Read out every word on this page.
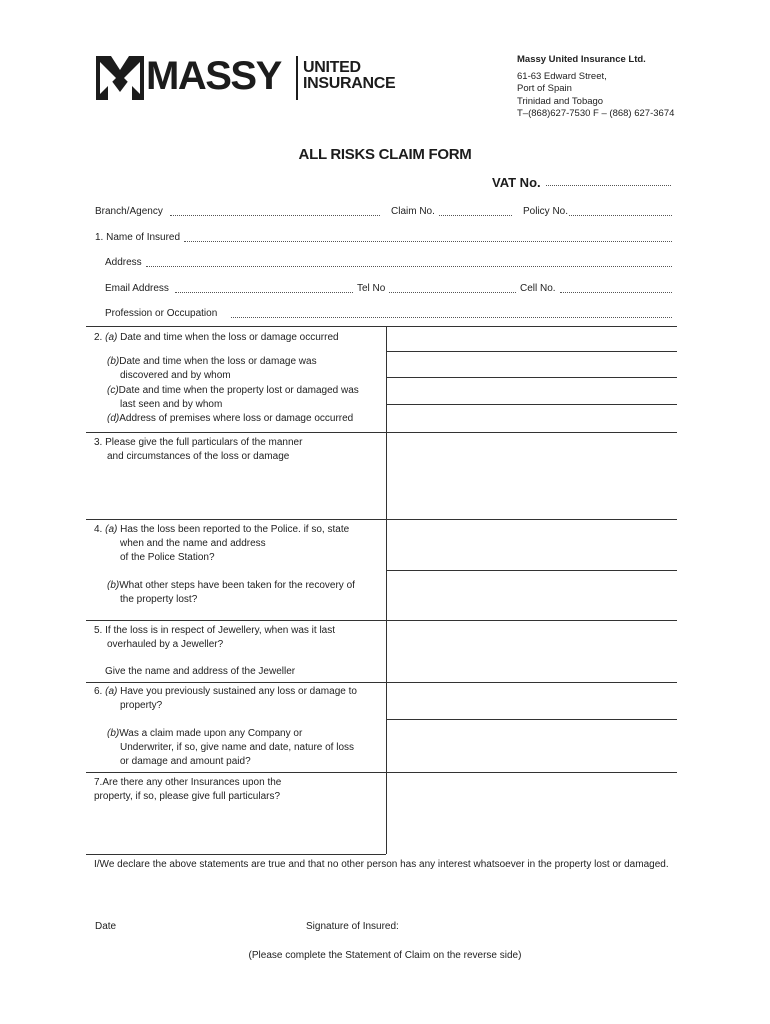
MASSY UNITED
INSURANCE
Massy United Insurance Ltd.
61-63 Edward Street,
Port of Spain
Trinidad and Tobago
T–(868)627-7530 F – (868) 627-3674
ALL RISKS CLAIM FORM
VAT No.
Branch/Agency	Claim No.	Policy No.
1. Name of Insured
Address
Email Address	Tel No	Cell No.
Profession or Occupation
2. (a) Date and time when the loss or damage occurred
(b)Date and time when the loss or damage was
discovered and by whom
(c)Date and time when the property lost or damaged was
last seen and by whom
(d)Address of premises where loss or damage occurred
3. Please give the full particulars of the manner
and circumstances of the loss or damage
4. (a) Has the loss been reported to the Police. if so, state
when and the name and address
of the Police Station?
(b)What other steps have been taken for the recovery of
the property lost?
5. If the loss is in respect of Jewellery, when was it last
overhauled by a Jeweller?
Give the name and address of the Jeweller
6. (a) Have you previously sustained any loss or damage to
property?
(b)Was a claim made upon any Company or
Underwriter, if so, give name and date, nature of loss
or damage and amount paid?
7.Are there any other Insurances upon the
property, if so, please give full particulars?
I/We declare the above statements are true and that no other person has any interest whatsoever in the property lost or damaged.
Date	Signature of Insured:
(Please complete the Statement of Claim on the reverse side)
